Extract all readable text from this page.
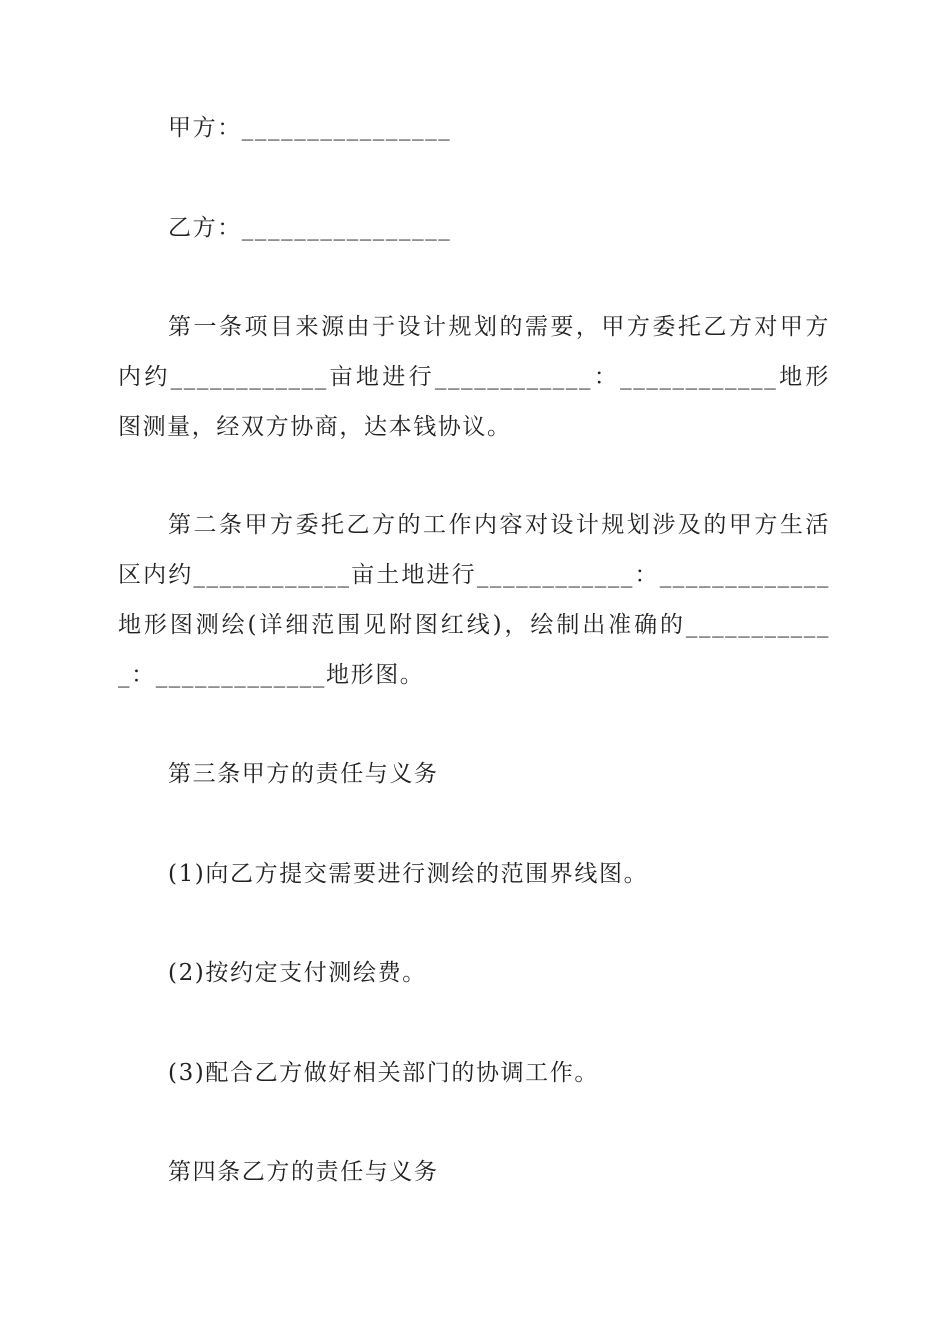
甲方：________________
乙方：________________
第一条项目来源由于设计规划的需要，甲方委托乙方对甲方内约____________亩地进行____________：____________地形图测量，经双方协商，达本钱协议。
第二条甲方委托乙方的工作内容对设计规划涉及的甲方生活区内约____________亩土地进行____________：_____________地形图测绘(详细范围见附图红线)，绘制出准确的____________：_____________地形图。
第三条甲方的责任与义务
(1)向乙方提交需要进行测绘的范围界线图。
(2)按约定支付测绘费。
(3)配合乙方做好相关部门的协调工作。
第四条乙方的责任与义务
